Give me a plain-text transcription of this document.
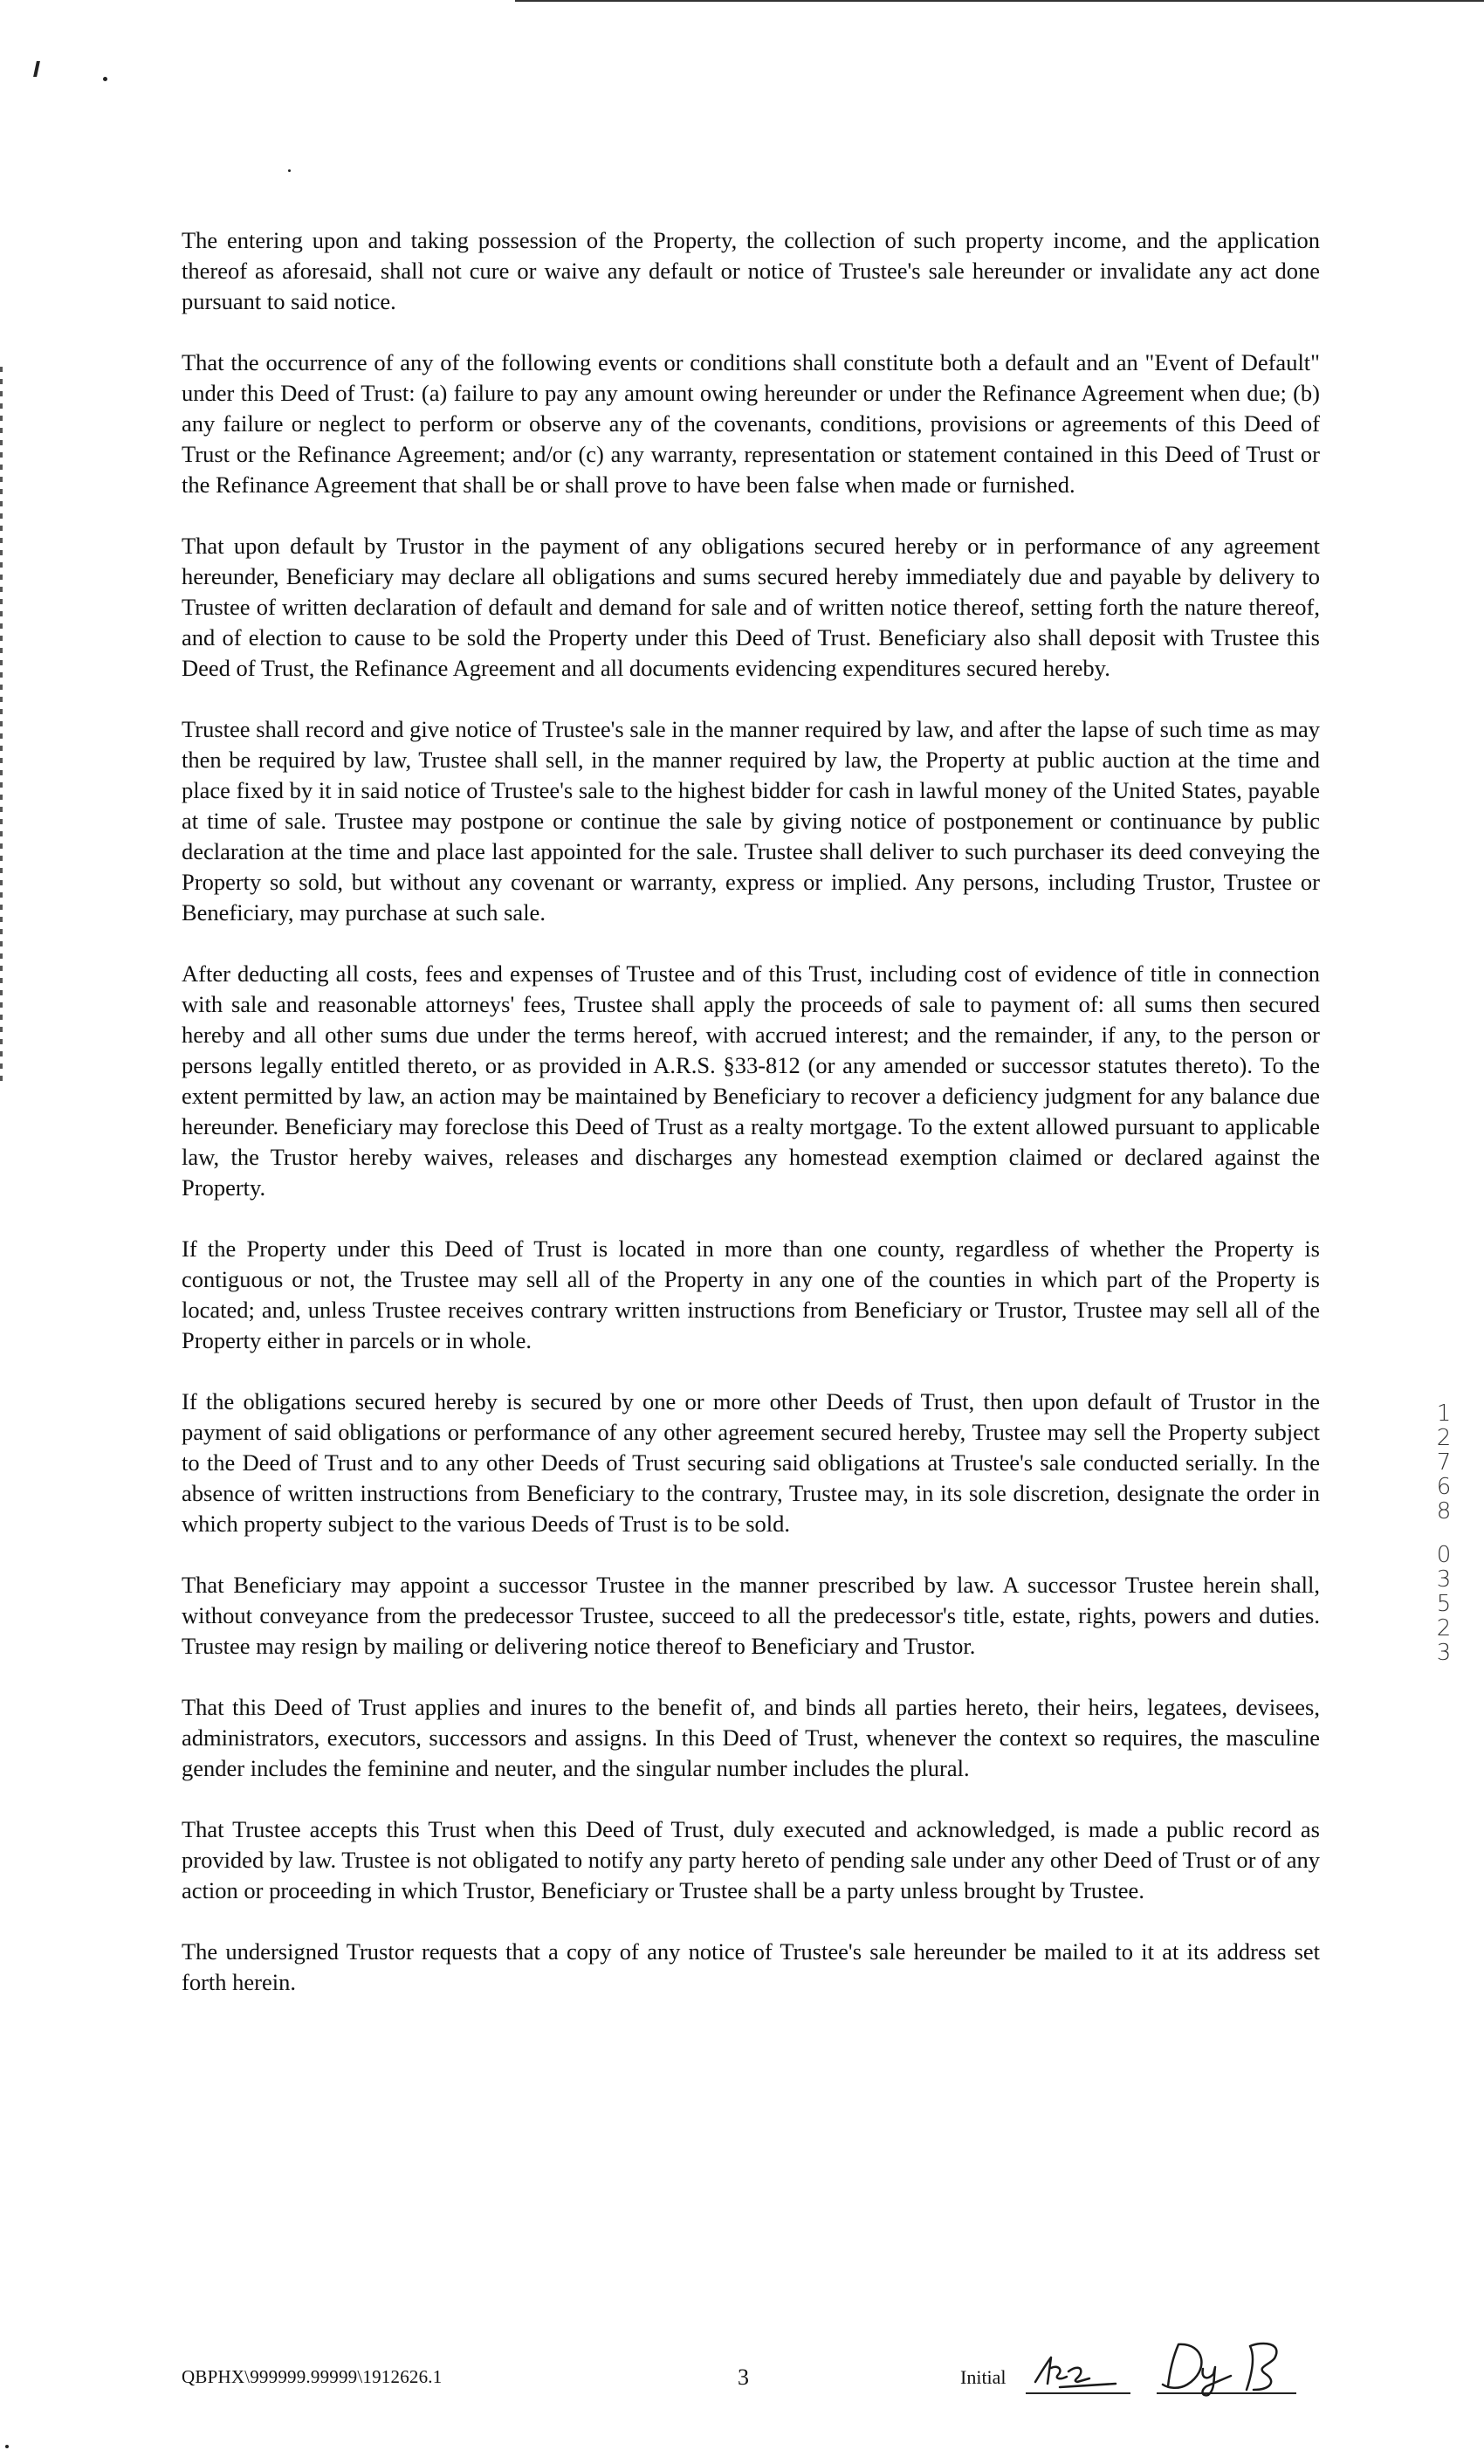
The entering upon and taking possession of the Property, the collection of such property income, and the application thereof as aforesaid, shall not cure or waive any default or notice of Trustee's sale hereunder or invalidate any act done pursuant to said notice.

That the occurrence of any of the following events or conditions shall constitute both a default and an "Event of Default" under this Deed of Trust: (a) failure to pay any amount owing hereunder or under the Refinance Agreement when due; (b) any failure or neglect to perform or observe any of the covenants, conditions, provisions or agreements of this Deed of Trust or the Refinance Agreement; and/or (c) any warranty, representation or statement contained in this Deed of Trust or the Refinance Agreement that shall be or shall prove to have been false when made or furnished.

That upon default by Trustor in the payment of any obligations secured hereby or in performance of any agreement hereunder, Beneficiary may declare all obligations and sums secured hereby immediately due and payable by delivery to Trustee of written declaration of default and demand for sale and of written notice thereof, setting forth the nature thereof, and of election to cause to be sold the Property under this Deed of Trust. Beneficiary also shall deposit with Trustee this Deed of Trust, the Refinance Agreement and all documents evidencing expenditures secured hereby.

Trustee shall record and give notice of Trustee's sale in the manner required by law, and after the lapse of such time as may then be required by law, Trustee shall sell, in the manner required by law, the Property at public auction at the time and place fixed by it in said notice of Trustee's sale to the highest bidder for cash in lawful money of the United States, payable at time of sale. Trustee may postpone or continue the sale by giving notice of postponement or continuance by public declaration at the time and place last appointed for the sale. Trustee shall deliver to such purchaser its deed conveying the Property so sold, but without any covenant or warranty, express or implied. Any persons, including Trustor, Trustee or Beneficiary, may purchase at such sale.

After deducting all costs, fees and expenses of Trustee and of this Trust, including cost of evidence of title in connection with sale and reasonable attorneys' fees, Trustee shall apply the proceeds of sale to payment of: all sums then secured hereby and all other sums due under the terms hereof, with accrued interest; and the remainder, if any, to the person or persons legally entitled thereto, or as provided in A.R.S. §33-812 (or any amended or successor statutes thereto). To the extent permitted by law, an action may be maintained by Beneficiary to recover a deficiency judgment for any balance due hereunder. Beneficiary may foreclose this Deed of Trust as a realty mortgage. To the extent allowed pursuant to applicable law, the Trustor hereby waives, releases and discharges any homestead exemption claimed or declared against the Property.

If the Property under this Deed of Trust is located in more than one county, regardless of whether the Property is contiguous or not, the Trustee may sell all of the Property in any one of the counties in which part of the Property is located; and, unless Trustee receives contrary written instructions from Beneficiary or Trustor, Trustee may sell all of the Property either in parcels or in whole.

If the obligations secured hereby is secured by one or more other Deeds of Trust, then upon default of Trustor in the payment of said obligations or performance of any other agreement secured hereby, Trustee may sell the Property subject to the Deed of Trust and to any other Deeds of Trust securing said obligations at Trustee's sale conducted serially. In the absence of written instructions from Beneficiary to the contrary, Trustee may, in its sole discretion, designate the order in which property subject to the various Deeds of Trust is to be sold.

That Beneficiary may appoint a successor Trustee in the manner prescribed by law. A successor Trustee herein shall, without conveyance from the predecessor Trustee, succeed to all the predecessor's title, estate, rights, powers and duties. Trustee may resign by mailing or delivering notice thereof to Beneficiary and Trustor.

That this Deed of Trust applies and inures to the benefit of, and binds all parties hereto, their heirs, legatees, devisees, administrators, executors, successors and assigns. In this Deed of Trust, whenever the context so requires, the masculine gender includes the feminine and neuter, and the singular number includes the plural.

That Trustee accepts this Trust when this Deed of Trust, duly executed and acknowledged, is made a public record as provided by law. Trustee is not obligated to notify any party hereto of pending sale under any other Deed of Trust or of any action or proceeding in which Trustor, Beneficiary or Trustee shall be a party unless brought by Trustee.

The undersigned Trustor requests that a copy of any notice of Trustee's sale hereunder be mailed to it at its address set forth herein.

1
2
7
6
8
0
3
5
2
3
QBPHX\999999.99999\1912626.1	3	Initial
